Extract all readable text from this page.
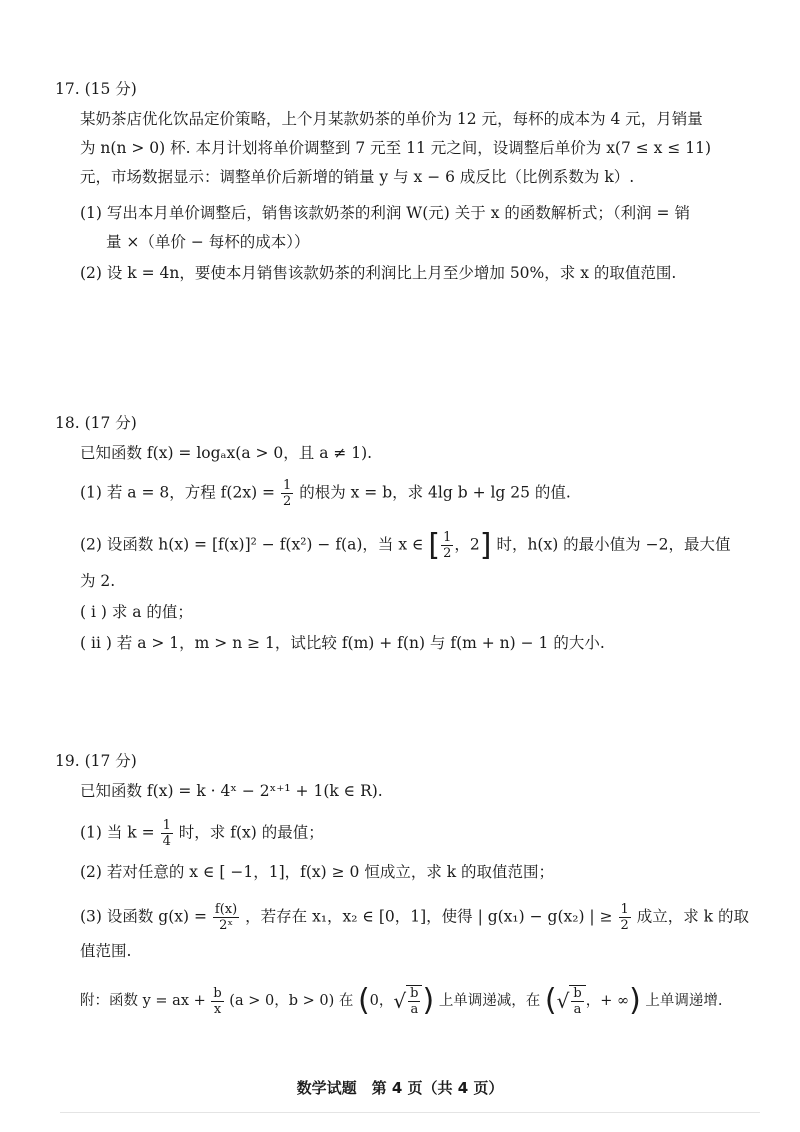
17. (15 分)
某奶茶店优化饮品定价策略，上个月某款奶茶的单价为 12 元，每杯的成本为 4 元，月销量
为 n(n > 0) 杯. 本月计划将单价调整到 7 元至 11 元之间，设调整后单价为 x(7 ≤ x ≤ 11)
元，市场数据显示：调整单价后新增的销量 y 与 x − 6 成反比（比例系数为 k）.
(1) 写出本月单价调整后，销售该款奶茶的利润 W(元) 关于 x 的函数解析式；（利润 = 销
量 ×（单价 − 每杯的成本））
(2) 设 k = 4n，要使本月销售该款奶茶的利润比上月至少增加 50%，求 x 的取值范围.
18. (17 分)
已知函数 f(x) = logₐx(a > 0，且 a ≠ 1).
(1) 若 a = 8，方程 $f(2x) = \frac{1}{2}$ 的根为 x = b，求 4lg b + lg 25 的值.
(2) 设函数 h(x) = [f(x)]² − f(x²) − f(a)，当 x ∈ [ $\frac{1}{2}$ ，2] 时，h(x) 的最小值为 −2，最大值
为 2.
( ⅰ ) 求 a 的值；
( ⅱ ) 若 a > 1，m > n ≥ 1，试比较 f(m) + f(n) 与 f(m + n) − 1 的大小.
19. (17 分)
已知函数 f(x) = k · 4ˣ − 2ˣ⁺¹ + 1(k ∈ R).
(1) 当 $k = \frac{1}{4}$ 时，求 f(x) 的最值；
(2) 若对任意的 x ∈ [ −1，1]，f(x) ≥ 0 恒成立，求 k 的取值范围；
(3) 设函数 $g(x) = \frac{f(x)}{\text{2ˣ}}$ ，若存在 x₁，x₂ ∈ [0，1]，使得 | g(x₁) − g(x₂) | ≥ $\frac{1}{2}$ 成立，求 k 的取
值范围.
附：函数 y = ax + $\frac{b}{x} (a > 0$，b > 0) 在 (0，√ $\frac{b}{a}$ ) 上单调递减，在 (√ $\frac{b}{a}$ ，+ ∞) 上单调递增.
数学试题　第 4 页（共 4 页）
